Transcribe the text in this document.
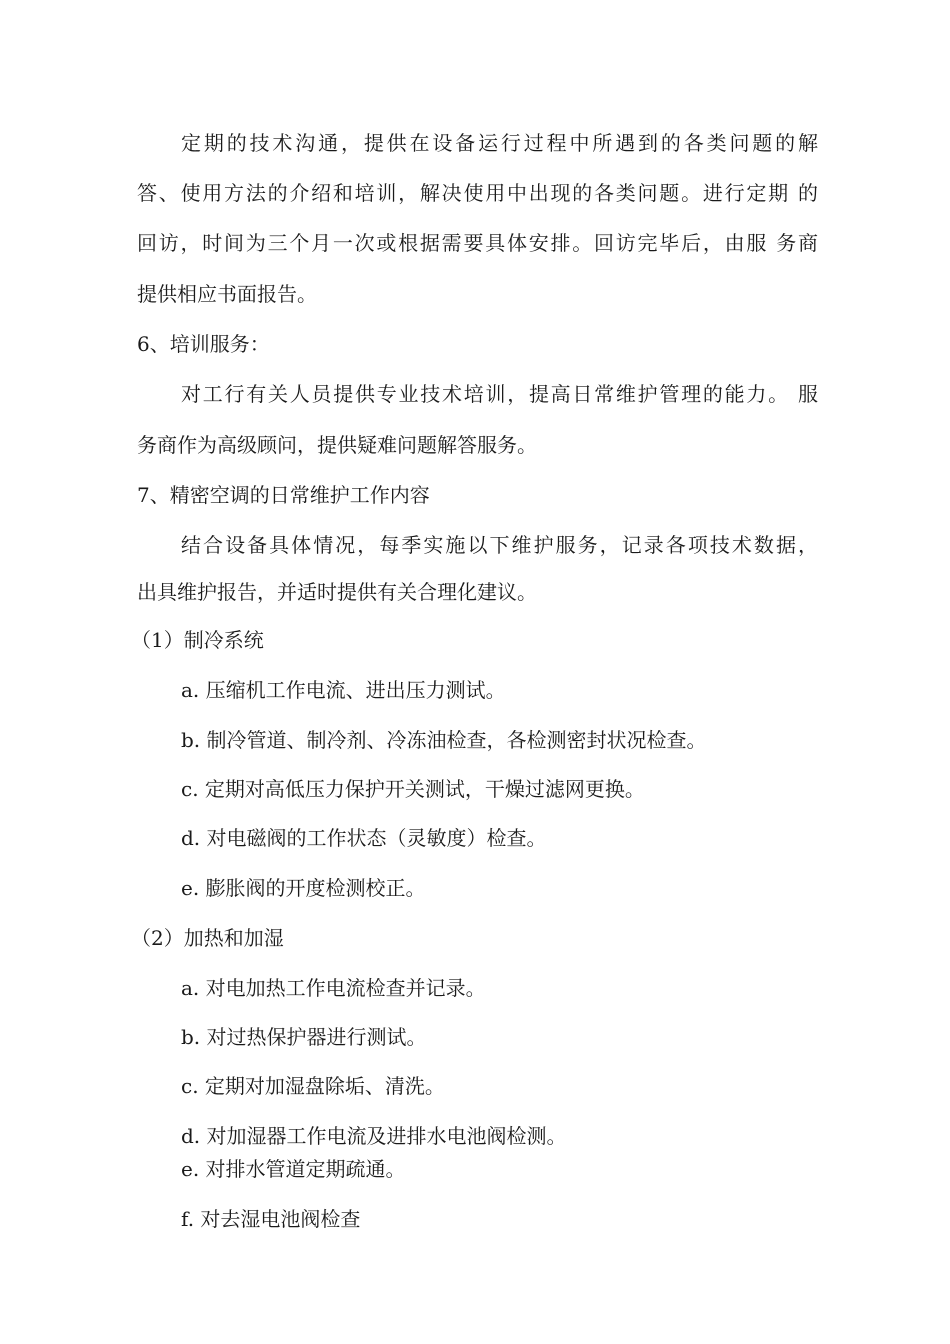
定期的技术沟通，提供在设备运行过程中所遇到的各类问题的解
答、使用方法的介绍和培训，解决使用中出现的各类问题。进行定期 的
回访，时间为三个月一次或根据需要具体安排。回访完毕后，由服 务商
提供相应书面报告。
6、培训服务：
对工行有关人员提供专业技术培训，提高日常维护管理的能力。 服
务商作为高级顾问，提供疑难问题解答服务。
7、精密空调的日常维护工作内容
结合设备具体情况，每季实施以下维护服务，记录各项技术数据，
出具维护报告，并适时提供有关合理化建议。
（1）制冷系统
a. 压缩机工作电流、进出压力测试。
b. 制冷管道、制冷剂、冷冻油检查，各检测密封状况检查。
c. 定期对高低压力保护开关测试，干燥过滤网更换。
d. 对电磁阀的工作状态（灵敏度）检查。
e. 膨胀阀的开度检测校正。
（2）加热和加湿
a. 对电加热工作电流检查并记录。
b. 对过热保护器进行测试。
c. 定期对加湿盘除垢、清洗。
d. 对加湿器工作电流及进排水电池阀检测。
e. 对排水管道定期疏通。
f. 对去湿电池阀检查
